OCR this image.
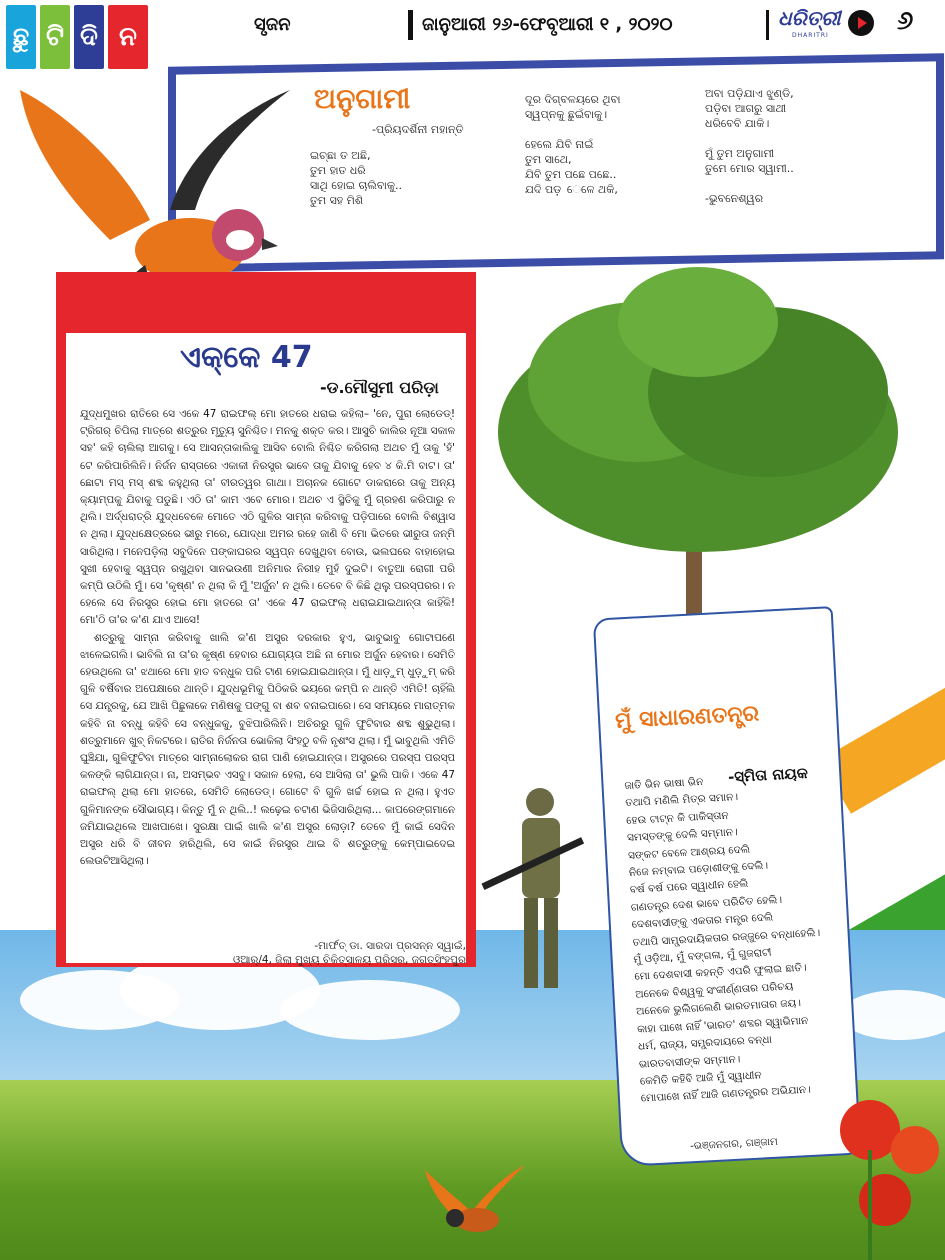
ଛୁ ଟି ଦି ନ	ସୃଜନ	ଜାନୁଆରୀ ୨୬-ଫେବୃଆରୀ ୧ , ୨୦୨୦	ଧରିତ୍ରୀ
DHARITRI	୬
ଅନୁଗାମୀ
-ପ୍ରିୟଦର୍ଶିନୀ ମହାନ୍ତି
ଇଚ୍ଛା ତ ଅଛି,
ତୁମ ହାତ ଧରି
ସାଥି ହୋଇ ଚାଲିବାକୁ..
ତୁମ ସହ ମିଶି
ଦୂର ଦିଗ୍‌ବଳୟରେ ଥିବା
ସ୍ୱପ୍ନକୁ ଛୁଇଁବାକୁ।

ହେଲେ ଯିବି ନାଇଁ
ତୁମ ସାଥେ,
ଯିବି ତୁମ ପଛେ ପଛେ..
ଯଦି ପଡ଼ େଳେ ଥକି,
ଅବା ପଡ଼ିଯାଏ ଝୁଣ୍ଡି,
ପଡ଼ିବା ଆଗରୁ ସାଥୀ
ଧରିବେବି ଯାକି।

ମୁଁ ତୁମ ଅନୁଗାମୀ
ତୁମେ ମୋର ସ୍ୱାମୀ..

-ଭୁବନେଶ୍ୱର
ଏକ୍କେ 47
-ଡ.ମୌସୁମୀ ପରିଡ଼ା

ଯୁଦ୍ଧମୁଖର ରାତିରେ ସେ ଏକେ 47 ରାଇଫଲ୍ ମୋ ହାତରେ ଧରାଇ କହିଲା– 'ନେ, ପୁରା ଲୋଡେଡ୍! ଟ୍ରିଗର୍ ଚିପିଲା ମାତ୍ରେ ଶତ୍ରୁର ମୃତ୍ୟୁ ସୁନିଶ୍ଚିତ। ମନକୁ ଶକ୍ତ କର। ଆସୁଚି କାଲିର ନୂଆ ସକାଳ ସହ' କହି ଚାଲିଲା ଆଗକୁ। ସେ ଆସନ୍ତାକାଲିକୁ ଆସିବ ବୋଲି ନିଶ୍ଚିତ କରିଗଲା ଅଥଚ ମୁଁ ତାକୁ 'ହଁ' ଟେ କରିପାରିଲିନି। ନିର୍ଜନ ରାସ୍ତାରେ ଏକାକୀ ନିରସ୍ତ୍ର ଭାବେ ତାକୁ ଯିବାକୁ ହେବ ୪ କି.ମି ବାଟ। ତା' ଛୋଟା ମସ୍ ମସ୍ ଶବ୍ଦ କହୁଥିଲା ତା' ବୀରତ୍ୱର ଗାଥା। ଅଚାନକ ଗୋଟେ ଡାକରାରେ ତାକୁ ଅନ୍ୟ କ୍ୟାମ୍ପକୁ ଯିବାକୁ ପଡୁଛି। ଏଠି ତା' କାମ ଏବେ ମୋର। ଅଥଚ ଏ ସ୍ଥିତିକୁ ମୁଁ ଗ୍ରହଣ କରିପାରୁ ନ ଥିଲି। ଅର୍ଦ୍ଧରାତ୍ରି ଯୁଦ୍ଧବେଳେ ମୋତେ ଏଠି ଗୁଳିର ସାମ୍ନା କରିବାକୁ ପଡ଼ିପାରେ ବୋଲି ବିଶ୍ୱାସ ନ ଥିଲା। ଯୁଦ୍ଧକ୍ଷେତ୍ରରେ ଭୀରୁ ମରେ, ଯୋଦ୍ଧା ଅମର ରହେ ଜାଣି ବି ମୋ ଭିତରେ ଭୀରୁତା ଜନ୍ମି ସାରିଥିଲା। ମନେପଡ଼ିଲା ସବୁଦିନେ ପଙ୍କାଘରର ସ୍ୱପ୍ନ ଦେଖୁଥିବା ବୋଉ, ଭଲଘରେ ବାହାହୋଇ ସୁଖୀ ହେବାକୁ ସ୍ୱପ୍ନ ରଖୁଥିବା ସାନଭଉଣୀ ଅନିମାର ନିରୀହ ମୁହଁ ଦୁଇଟି। ବାତୁଆ ରୋଗୀ ପରି କମ୍ପି ଉଠିଲି ମୁଁ। ସେ 'କୃଷ୍ଣ' ନ ଥିଲା କି ମୁଁ 'ଅର୍ଜୁନ' ନ ଥିଲି। ତେବେ ବି କିଛି ଥିଲୁ ପରସ୍ପରର। ନ ହେଲେ ସେ ନିରସ୍ତ୍ର ହୋଇ ମୋ ହାତରେ ତା' ଏକେ 47 ରାଇଫଲ୍ ଧରାଇଯାଇଥାନ୍ତା କାହିଁକି! ମୋ'ଠି ତା'ର କ'ଣ ଯାଏ ଆସେ!

ଶତ୍ରୁକୁ ସାମ୍ନା କରିବାକୁ ଖାଲି କ'ଣ ଅସ୍ତ୍ର ଦରକାର ହୁଏ, ଭାବୁଭାବୁ ଗୋଟାପଣେ ଝାଳେଇଗଲି। ଭାବିଲି ନା ତା'ର କୃଷ୍ଣ ହେବାର ଯୋଗ୍ୟତା ଅଛି ନା ମୋର ଅର୍ଜୁନ ହେବାର। ସେମିତି ହେଉଥିଲେ ତା' ଝଥାରେ ମୋ ହାତ ବନ୍ଧୁକ ପରି ଟାଣ ହୋଇଯାଇଥାନ୍ତା। ମୁଁ ଧାଡ଼ୁମ୍ ଧୁଡ଼ୁମ୍ କରି ଗୁଳି ବର୍ଷିବାର ଅପେକ୍ଷାରେ ଥାନ୍ତି। ଯୁଦ୍ଧଭୂମିକୁ ପିଠିକରି ଭୟରେ କମ୍ପି ନ ଥାନ୍ତି ଏମିତି! ଚାହିଁଲି ସେ ଯନ୍ତ୍ରକୁ, ଯେ ଆଖି ପିଛୁଳାକେ ମଣିଷକୁ ପଙ୍ଗୁ ବା ଶବ ବନାଇପାରେ। ସେ ସମୟରେ ମାରାତ୍ମକ କହିବି ନା ବନ୍ଧୁ କହିବି ସେ ବନ୍ଧୁକକୁ, ବୁଝିପାରିଲିନି। ଅଚିରରୁ ଗୁଳି ଫୁଟିବାର ଶବ୍ଦ ଶୁଭୁଥିଲା। ଶତ୍ରୁମାନେ ଖୁବ୍ ନିକଟରେ। ରାତିର ନିର୍ଜନତା ଭୋକିଲା ସିଂହଠୁ ବଳି ନୃଶଂସ ଥିଲା। ମୁଁ ଭାବୁଥିଲି ଏମିତି ଘୁଞ୍ଚିଯା, ଗୁଳିଫୁଟିବା ମାତ୍ରେ ସାମ୍ନାଲୋକର ରାଗ ପାଣି ହୋଇଯାନ୍ତା। ଅସ୍ତ୍ରରେ ପରସ୍ପ ପରସ୍ପ କଳଙ୍କି ଲାଗିଯାନ୍ତା। ନା, ଅସମ୍ଭବ ଏସବୁ। ସକାଳ ହେଲା, ସେ ଆସିଲା ତା' ଭୁଲି ପାକି। ଏକେ 47 ରାଇଫଲ୍ ଥିଲା ମୋ ହାତରେ, ସେମିତି ଲୋଡେଡ୍। ଗୋଟେ ବି ଗୁଳି ଖର୍ଚ୍ଚ ହୋଇ ନ ଥିଲା। ହୁଏତ ଗୁଳିମାନଙ୍କ ସୌଭାଗ୍ୟ। କିନ୍ତୁ ମୁଁ ନ ଥିଲି..! ଲଢ଼େଇ ଚଟାଣ ଭିଜିସାରିଥିଲା... କାପରେଙ୍ଗମାନେ ଜମିଯାଇଥିଲେ ଆଖପାଖେ। ସୁରକ୍ଷା ପାଇଁ ଖାଲି କ'ଣ ଅସ୍ତ୍ର ଲୋଡ଼ା? ତେବେ ମୁଁ କାଇଁ ସେଦିନ ଅସ୍ତ୍ର ଧରି ବି ଜୀବନ ହାରିଥିଲି, ସେ କାଇଁ ନିରସ୍ତ୍ର ଥାଇ ବି ଶତ୍ରୁଙ୍କୁ କେମ୍ପାଇଦେଇ ଲେଉଟିଆସିଥିଲା।

-ମାର୍ଫତ୍ ଡା. ସାରଦା ପ୍ରସନ୍ନ ସ୍ୱାଇଁ,
ଓଆର୍/4, ଜିଲା ମୁଖ୍ୟ ଚିକିତ୍ସାଳୟ ପରିସର, ଜଗତ୍‌ସିଂହପୁର
ମୁଁ ସାଧାରଣତନ୍ତ୍ର
-ସ୍ମିତା ନାୟକ
ଜାତି ଭିନ ଭାଷା ଭିନ
ତଥାପି ମଣିଲି ମିତ୍ର ସମାନ।
ହେଉ ଟାଟ୍ନ କି ପାକିସ୍ତାନ
ସମସ୍ତଙ୍କୁ ଦେଲି ସମ୍ମାନ।
ସଙ୍କଟ ବେଳେ ଆଶ୍ରୟ ଦେଲି
ନିଜେ ନମ୍ବାଇ ପଡ଼ୋଶୀଙ୍କୁ ଦେଲି।
ବର୍ଷ ବର୍ଷ ପରେ ସ୍ୱାଧୀନ ହେଲି
ଗଣତନ୍ତ୍ର ଦେଶ ଭାବେ ପରିଚିତ ହେଲି।
ଦେଶବାସୀଙ୍କୁ ଏକତାର ମନ୍ତ୍ର ଦେଲି
ତଥାପି ସାମ୍ପ୍ରଦାୟିକତାର ରଜ୍ଜୁରେ ବନ୍ଧାହେଲି।
ମୁଁ ଓଡ଼ିଆ, ମୁଁ ବଙ୍ଗଳା, ମୁଁ ଗୁଜରାଟୀ
ମୋ ଦେଶବାସୀ କହନ୍ତି ଏପରି ଫୁଲାଇ ଛାତି।
ଅନେକେ ବିଶ୍ୱକୁ ସଂକୀର୍ଣ୍ଣତାର ପରିଚୟ
ଅନେକେ ଭୁଲିଗଲେଣି ଭାରତମାତାର ଜୟ।
କାହା ପାଖେ ନାହିଁ 'ଭାରତ' ଶବ୍ଦର ସ୍ୱାଭିମାନ
ଧର୍ମ, ରାଜ୍ୟ, ସମ୍ପ୍ରଦାୟରେ ବନ୍ଧା
ଭାରତବାସୀଙ୍କ ସମ୍ମାନ।
କେମିତି କହିବି ଆଜି ମୁଁ ସ୍ୱାଧୀନ
ମୋପାଖେ ନାହିଁ ଆଜି ଗଣତନ୍ତ୍ରର ଅଭିଯାନ।
-ଭଞ୍ଜନଗର, ଗଞ୍ଜାମ
